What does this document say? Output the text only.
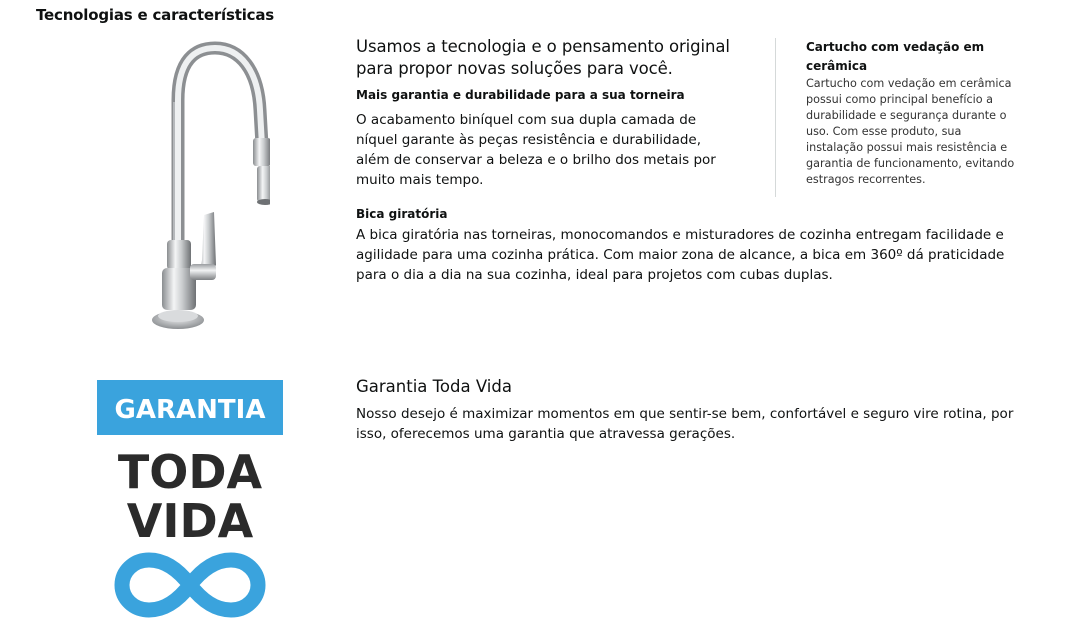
Tecnologias e características

Usamos a tecnologia e o pensamento original para propor novas soluções para você.

Mais garantia e durabilidade para a sua torneira

O acabamento biníquel com sua dupla camada de níquel garante às peças resistência e durabilidade, além de conservar a beleza e o brilho dos metais por muito mais tempo.

Cartucho com vedação em cerâmica

Cartucho com vedação em cerâmica possui como principal benefício a durabilidade e segurança durante o uso. Com esse produto, sua instalação possui mais resistência e garantia de funcionamento, evitando estragos recorrentes.

Bica giratória

A bica giratória nas torneiras, monocomandos e misturadores de cozinha entregam facilidade e agilidade para uma cozinha prática. Com maior zona de alcance, a bica em 360º dá praticidade para o dia a dia na sua cozinha, ideal para projetos com cubas duplas.

GARANTIA
TODA
VIDA

Garantia Toda Vida

Nosso desejo é maximizar momentos em que sentir-se bem, confortável e seguro vire rotina, por isso, oferecemos uma garantia que atravessa gerações.
